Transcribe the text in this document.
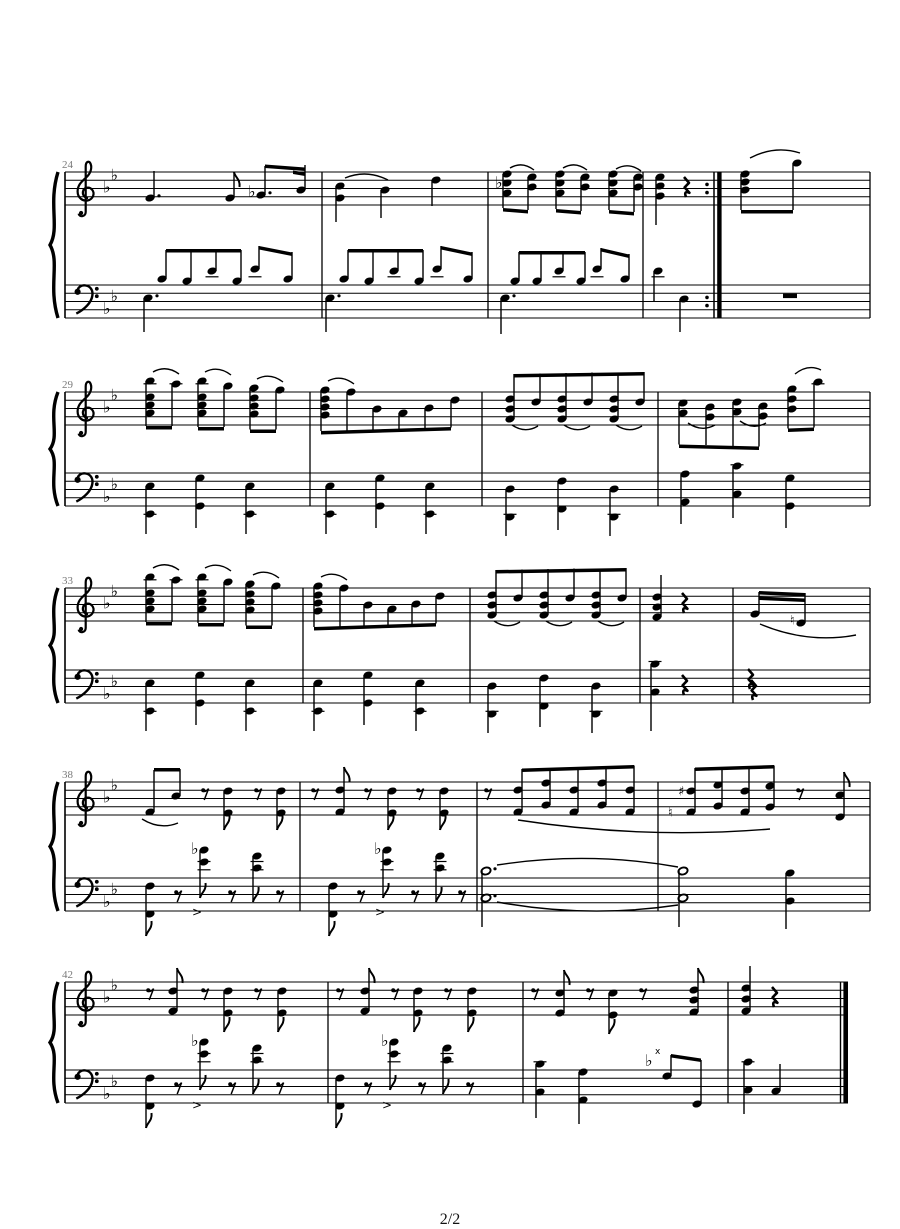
24
29
33
38
42
♭
♭
♭
♭
♭	♭
♭
♭
♭
♭
♭
♭
♭
♭
♮
♭
♭
♭
♭
♭	♭
♯
♮
>	>
♭
♭
♭
♭
♭	♭
♭ x
>	>
2/2
